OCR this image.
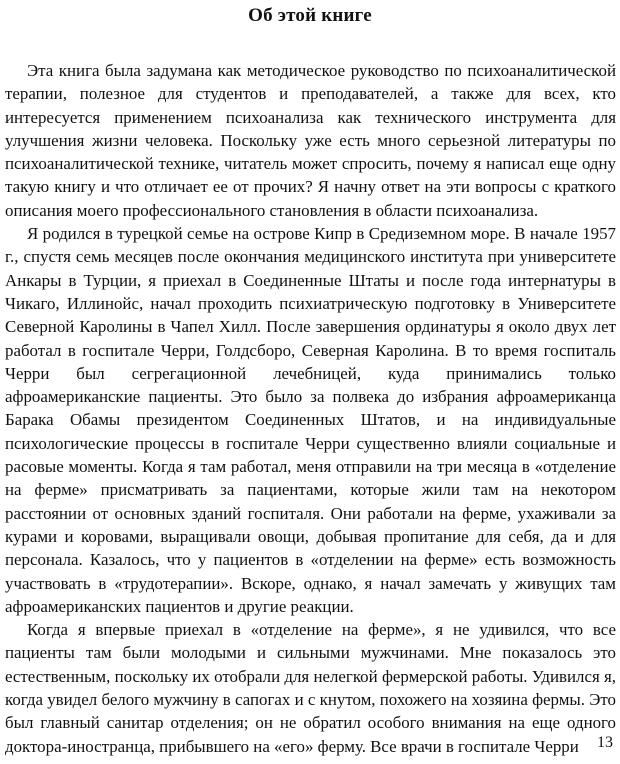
Об этой книге

Эта книга была задумана как методическое руководство по психоаналитической терапии, полезное для студентов и преподавателей, а также для всех, кто интересуется применением психоанализа как технического инструмента для улучшения жизни человека. Поскольку уже есть много серьезной литературы по психоаналитической технике, читатель может спросить, почему я написал еще одну такую книгу и что отличает ее от прочих? Я начну ответ на эти вопросы с краткого описания моего профессионального становления в области психоанализа.

Я родился в турецкой семье на острове Кипр в Средиземном море. В начале 1957 г., спустя семь месяцев после окончания медицинского института при университете Анкары в Турции, я приехал в Соединенные Штаты и после года интернатуры в Чикаго, Иллинойс, начал проходить психиатрическую подготовку в Университете Северной Каролины в Чапел Хилл. После завершения ординатуры я около двух лет работал в госпитале Черри, Голдсборо, Северная Каролина. В то время госпиталь Черри был сегрегационной лечебницей, куда принимались только афроамериканские пациенты. Это было за полвека до избрания афроамериканца Барака Обамы президентом Соединенных Штатов, и на индивидуальные психологические процессы в госпитале Черри существенно влияли социальные и расовые моменты. Когда я там работал, меня отправили на три месяца в «отделение на ферме» присматривать за пациентами, которые жили там на некотором расстоянии от основных зданий госпиталя. Они работали на ферме, ухаживали за курами и коровами, выращивали овощи, добывая пропитание для себя, да и для персонала. Казалось, что у пациентов в «отделении на ферме» есть возможность участвовать в «трудотерапии». Вскоре, однако, я начал замечать у живущих там афроамериканских пациентов и другие реакции.

Когда я впервые приехал в «отделение на ферме», я не удивился, что все пациенты там были молодыми и сильными мужчинами. Мне показалось это естественным, поскольку их отобрали для нелегкой фермерской работы. Удивился я, когда увидел белого мужчину в сапогах и с кнутом, похожего на хозяина фермы. Это был главный санитар отделения; он не обратил особого внимания на еще одного доктора-иностранца, прибывшего на «его» ферму. Все врачи в госпитале Черри	13
